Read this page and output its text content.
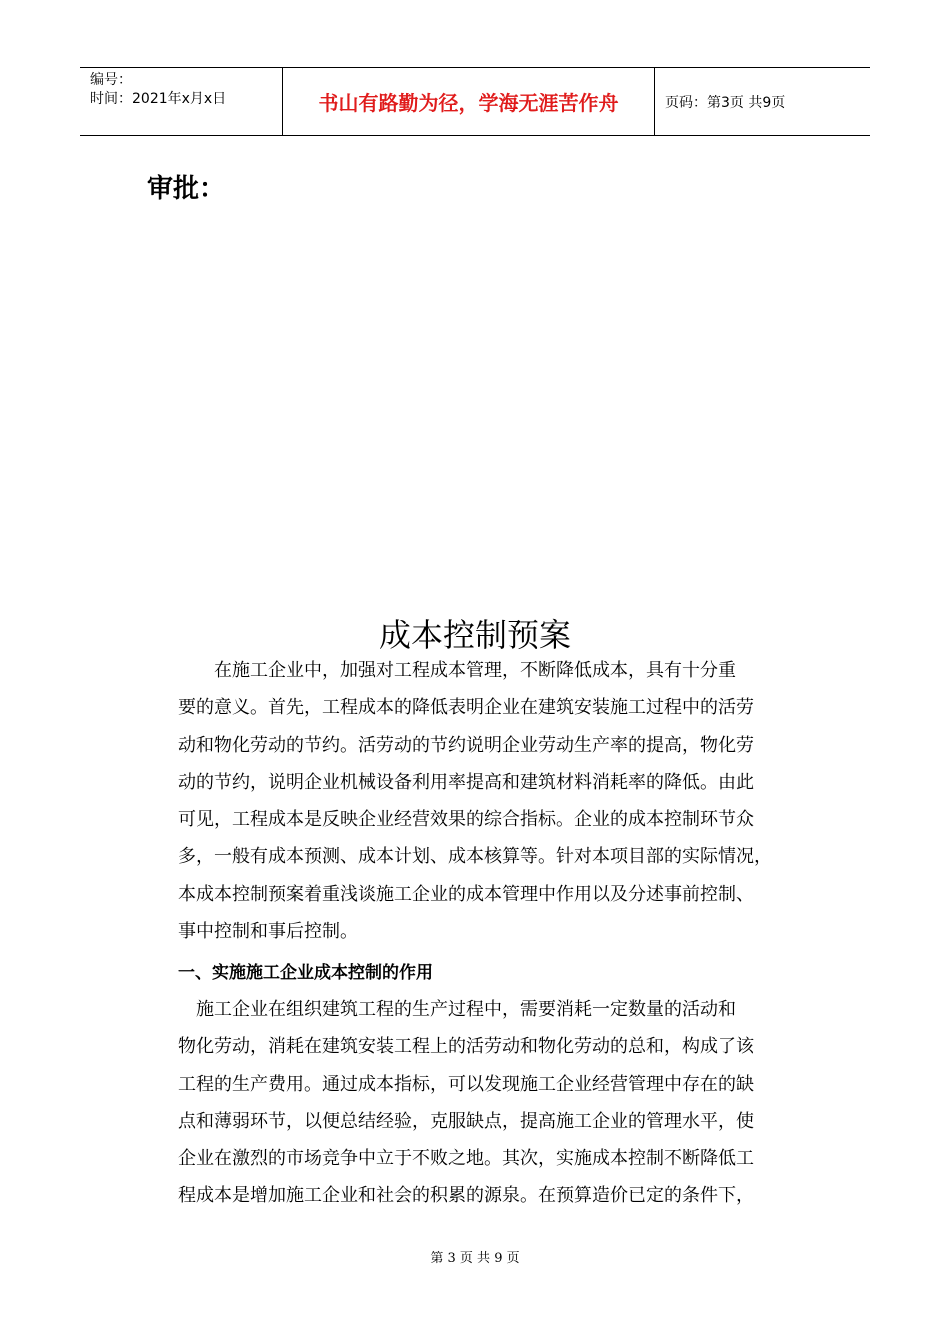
编号：
时间：2021年x月x日	书山有路勤为径，学海无涯苦作舟	页码：第3页 共9页
审批：
成本控制预案

　　在施工企业中，加强对工程成本管理，不断降低成本，具有十分重
要的意义。首先，工程成本的降低表明企业在建筑安装施工过程中的活劳
动和物化劳动的节约。活劳动的节约说明企业劳动生产率的提高，物化劳
动的节约，说明企业机械设备利用率提高和建筑材料消耗率的降低。由此
可见，工程成本是反映企业经营效果的综合指标。企业的成本控制环节众
多，一般有成本预测、成本计划、成本核算等。针对本项目部的实际情况，
本成本控制预案着重浅谈施工企业的成本管理中作用以及分述事前控制、
事中控制和事后控制。

一、实施施工企业成本控制的作用

　施工企业在组织建筑工程的生产过程中，需要消耗一定数量的活动和
物化劳动，消耗在建筑安装工程上的活劳动和物化劳动的总和，构成了该
工程的生产费用。通过成本指标，可以发现施工企业经营管理中存在的缺
点和薄弱环节，以便总结经验，克服缺点，提高施工企业的管理水平，使
企业在激烈的市场竞争中立于不败之地。其次，实施成本控制不断降低工
程成本是增加施工企业和社会的积累的源泉。在预算造价已定的条件下，

第 3 页 共 9 页
